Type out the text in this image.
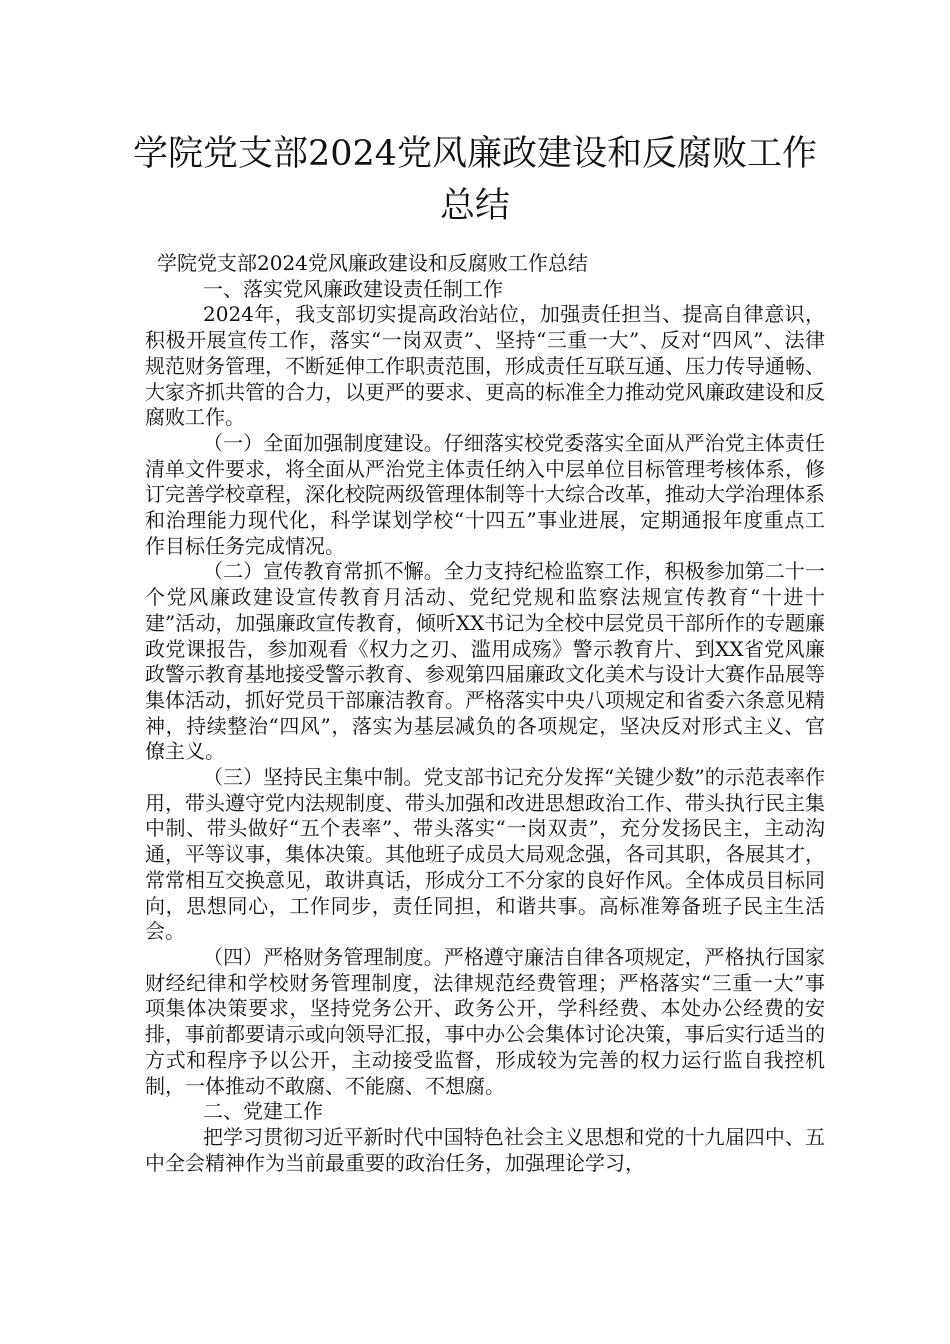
学院党支部2024党风廉政建设和反腐败工作总结

学院党支部2024党风廉政建设和反腐败工作总结

一、落实党风廉政建设责任制工作

2024年，我支部切实提高政治站位，加强责任担当、提高自律意识，积极开展宣传工作，落实“一岗双责”、坚持“三重一大”、反对“四风”、法律规范财务管理，不断延伸工作职责范围，形成责任互联互通、压力传导通畅、大家齐抓共管的合力，以更严的要求、更高的标准全力推动党风廉政建设和反腐败工作。

（一）全面加强制度建设。仔细落实校党委落实全面从严治党主体责任清单文件要求，将全面从严治党主体责任纳入中层单位目标管理考核体系，修订完善学校章程，深化校院两级管理体制等十大综合改革，推动大学治理体系和治理能力现代化，科学谋划学校“十四五”事业进展，定期通报年度重点工作目标任务完成情况。

（二）宣传教育常抓不懈。全力支持纪检监察工作，积极参加第二十一个党风廉政建设宣传教育月活动、党纪党规和监察法规宣传教育“十进十建”活动，加强廉政宣传教育，倾听XX书记为全校中层党员干部所作的专题廉政党课报告，参加观看《权力之刃、滥用成殇》警示教育片、到XX省党风廉政警示教育基地接受警示教育、参观第四届廉政文化美术与设计大赛作品展等集体活动，抓好党员干部廉洁教育。严格落实中央八项规定和省委六条意见精神，持续整治“四风”，落实为基层减负的各项规定，坚决反对形式主义、官僚主义。

（三）坚持民主集中制。党支部书记充分发挥“关键少数”的示范表率作用，带头遵守党内法规制度、带头加强和改进思想政治工作、带头执行民主集中制、带头做好“五个表率”、带头落实“一岗双责”，充分发扬民主，主动沟通，平等议事，集体决策。其他班子成员大局观念强，各司其职，各展其才，常常相互交换意见，敢讲真话，形成分工不分家的良好作风。全体成员目标同向，思想同心，工作同步，责任同担，和谐共事。高标准筹备班子民主生活会。

（四）严格财务管理制度。严格遵守廉洁自律各项规定，严格执行国家财经纪律和学校财务管理制度，法律规范经费管理；严格落实“三重一大”事项集体决策要求，坚持党务公开、政务公开，学科经费、本处办公经费的安排，事前都要请示或向领导汇报，事中办公会集体讨论决策，事后实行适当的方式和程序予以公开，主动接受监督，形成较为完善的权力运行监自我控机制，一体推动不敢腐、不能腐、不想腐。

二、党建工作

把学习贯彻习近平新时代中国特色社会主义思想和党的十九届四中、五中全会精神作为当前最重要的政治任务，加强理论学习，
